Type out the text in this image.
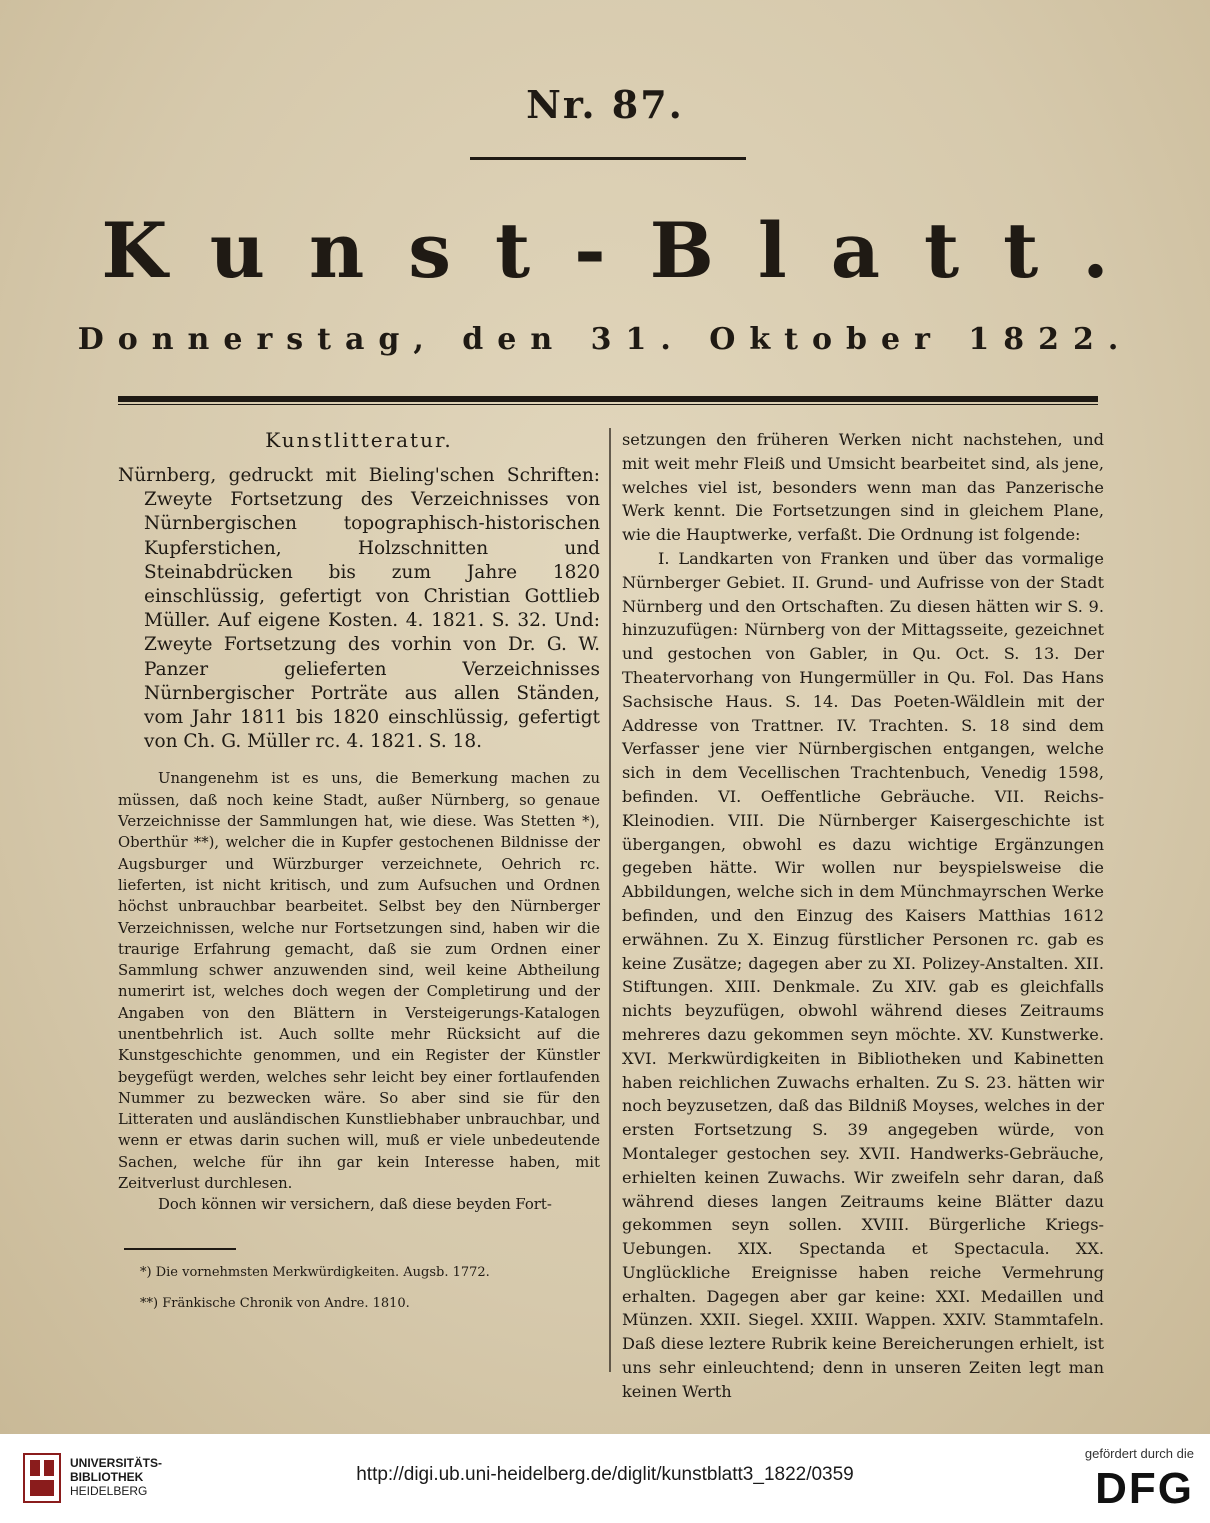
Nr. 87.
Kunst-Blatt.
Donnerstag, den 31. Oktober 1822.
Kunstlitteratur.

Nürnberg, gedruckt mit Bieling'schen Schriften: Zweyte Fortsetzung des Verzeichnisses von Nürnbergischen topographisch-historischen Kupferstichen, Holzschnitten und Steinabdrücken bis zum Jahre 1820 einschlüssig, gefertigt von Christian Gottlieb Müller. Auf eigene Kosten. 4. 1821. S. 32. Und: Zweyte Fortsetzung des vorhin von Dr. G. W. Panzer gelieferten Verzeichnisses Nürnbergischer Porträte aus allen Ständen, vom Jahr 1811 bis 1820 einschlüssig, gefertigt von Ch. G. Müller rc. 4. 1821. S. 18.

Unangenehm ist es uns, die Bemerkung machen zu müssen, daß noch keine Stadt, außer Nürnberg, so genaue Verzeichnisse der Sammlungen hat, wie diese. Was Stetten *), Oberthür **), welcher die in Kupfer gestochenen Bildnisse der Augsburger und Würzburger verzeichnete, Oehrich rc. lieferten, ist nicht kritisch, und zum Aufsuchen und Ordnen höchst unbrauchbar bearbeitet. Selbst bey den Nürnberger Verzeichnissen, welche nur Fortsetzungen sind, haben wir die traurige Erfahrung gemacht, daß sie zum Ordnen einer Sammlung schwer anzuwenden sind, weil keine Abtheilung numerirt ist, welches doch wegen der Completirung und der Angaben von den Blättern in Versteigerungs-Katalogen unentbehrlich ist. Auch sollte mehr Rücksicht auf die Kunstgeschichte genommen, und ein Register der Künstler beygefügt werden, welches sehr leicht bey einer fortlaufenden Nummer zu bezwecken wäre. So aber sind sie für den Litteraten und ausländischen Kunstliebhaber unbrauchbar, und wenn er etwas darin suchen will, muß er viele unbedeutende Sachen, welche für ihn gar kein Interesse haben, mit Zeitverlust durchlesen.

Doch können wir versichern, daß diese beyden Fort-

*) Die vornehmsten Merkwürdigkeiten. Augsb. 1772.

**) Fränkische Chronik von Andre. 1810.

setzungen den früheren Werken nicht nachstehen, und mit weit mehr Fleiß und Umsicht bearbeitet sind, als jene, welches viel ist, besonders wenn man das Panzerische Werk kennt. Die Fortsetzungen sind in gleichem Plane, wie die Hauptwerke, verfaßt. Die Ordnung ist folgende:

I. Landkarten von Franken und über das vormalige Nürnberger Gebiet. II. Grund- und Aufrisse von der Stadt Nürnberg und den Ortschaften. Zu diesen hätten wir S. 9. hinzuzufügen: Nürnberg von der Mittagsseite, gezeichnet und gestochen von Gabler, in Qu. Oct. S. 13. Der Theatervorhang von Hungermüller in Qu. Fol. Das Hans Sachsische Haus. S. 14. Das Poeten-Wäldlein mit der Addresse von Trattner. IV. Trachten. S. 18 sind dem Verfasser jene vier Nürnbergischen entgangen, welche sich in dem Vecellischen Trachtenbuch, Venedig 1598, befinden. VI. Oeffentliche Gebräuche. VII. Reichs-Kleinodien. VIII. Die Nürnberger Kaisergeschichte ist übergangen, obwohl es dazu wichtige Ergänzungen gegeben hätte. Wir wollen nur beyspielsweise die Abbildungen, welche sich in dem Münchmayrschen Werke befinden, und den Einzug des Kaisers Matthias 1612 erwähnen. Zu X. Einzug fürstlicher Personen rc. gab es keine Zusätze; dagegen aber zu XI. Polizey-Anstalten. XII. Stiftungen. XIII. Denkmale. Zu XIV. gab es gleichfalls nichts beyzufügen, obwohl während dieses Zeitraums mehreres dazu gekommen seyn möchte. XV. Kunstwerke. XVI. Merkwürdigkeiten in Bibliotheken und Kabinetten haben reichlichen Zuwachs erhalten. Zu S. 23. hätten wir noch beyzusetzen, daß das Bildniß Moyses, welches in der ersten Fortsetzung S. 39 angegeben würde, von Montaleger gestochen sey. XVII. Handwerks-Gebräuche, erhielten keinen Zuwachs. Wir zweifeln sehr daran, daß während dieses langen Zeitraums keine Blätter dazu gekommen seyn sollen. XVIII. Bürgerliche Kriegs-Uebungen. XIX. Spectanda et Spectacula. XX. Unglückliche Ereignisse haben reiche Vermehrung erhalten. Dagegen aber gar keine: XXI. Medaillen und Münzen. XXII. Siegel. XXIII. Wappen. XXIV. Stammtafeln. Daß diese leztere Rubrik keine Bereicherungen erhielt, ist uns sehr einleuchtend; denn in unseren Zeiten legt man keinen Werth

UNIVERSITÄTS-
BIBLIOTHEK
HEIDELBERG
http://digi.ub.uni-heidelberg.de/diglit/kunstblatt3_1822/0359
gefördert durch die
DFG
